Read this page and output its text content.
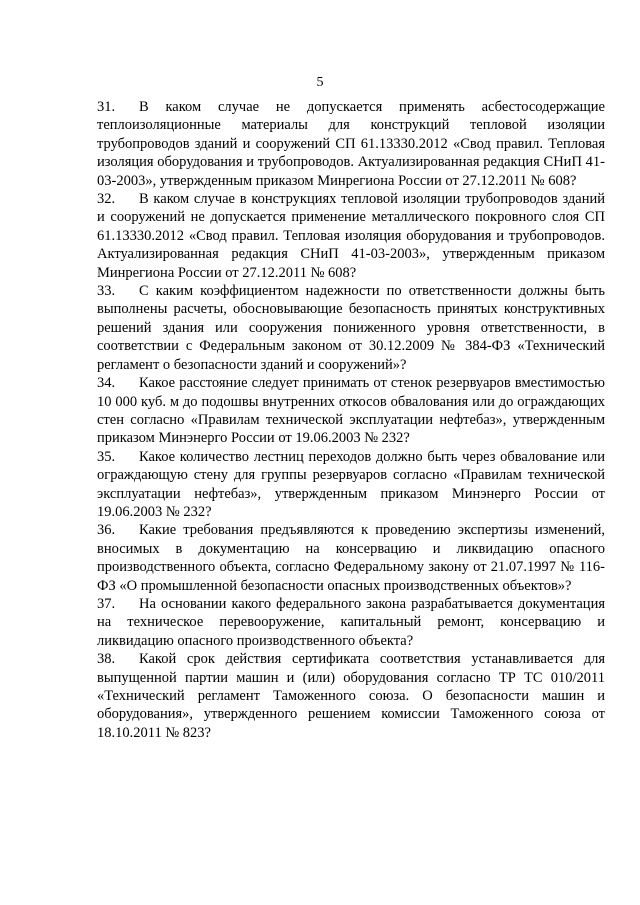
5

31. В каком случае не допускается применять асбестосодержащие теплоизоляционные материалы для конструкций тепловой изоляции трубопроводов зданий и сооружений СП 61.13330.2012 «Свод правил. Тепловая изоляция оборудования и трубопроводов. Актуализированная редакция СНиП 41-03-2003», утвержденным приказом Минрегиона России от 27.12.2011 № 608?

32. В каком случае в конструкциях тепловой изоляции трубопроводов зданий и сооружений не допускается применение металлического покровного слоя СП 61.13330.2012 «Свод правил. Тепловая изоляция оборудования и трубопроводов. Актуализированная редакция СНиП 41-03-2003», утвержденным приказом Минрегиона России от 27.12.2011 № 608?

33. С каким коэффициентом надежности по ответственности должны быть выполнены расчеты, обосновывающие безопасность принятых конструктивных решений здания или сооружения пониженного уровня ответственности, в соответствии с Федеральным законом от 30.12.2009 № 384-ФЗ «Технический регламент о безопасности зданий и сооружений»?

34. Какое расстояние следует принимать от стенок резервуаров вместимостью 10 000 куб. м до подошвы внутренних откосов обвалования или до ограждающих стен согласно «Правилам технической эксплуатации нефтебаз», утвержденным приказом Минэнерго России от 19.06.2003 № 232?

35. Какое количество лестниц переходов должно быть через обвалование или ограждающую стену для группы резервуаров согласно «Правилам технической эксплуатации нефтебаз», утвержденным приказом Минэнерго России от 19.06.2003 № 232?

36. Какие требования предъявляются к проведению экспертизы изменений, вносимых в документацию на консервацию и ликвидацию опасного производственного объекта, согласно Федеральному закону от 21.07.1997 № 116-ФЗ «О промышленной безопасности опасных производственных объектов»?

37. На основании какого федерального закона разрабатывается документация на техническое перевооружение, капитальный ремонт, консервацию и ликвидацию опасного производственного объекта?

38. Какой срок действия сертификата соответствия устанавливается для выпущенной партии машин и (или) оборудования согласно ТР ТС 010/2011 «Технический регламент Таможенного союза. О безопасности машин и оборудования», утвержденного решением комиссии Таможенного союза от 18.10.2011 № 823?
